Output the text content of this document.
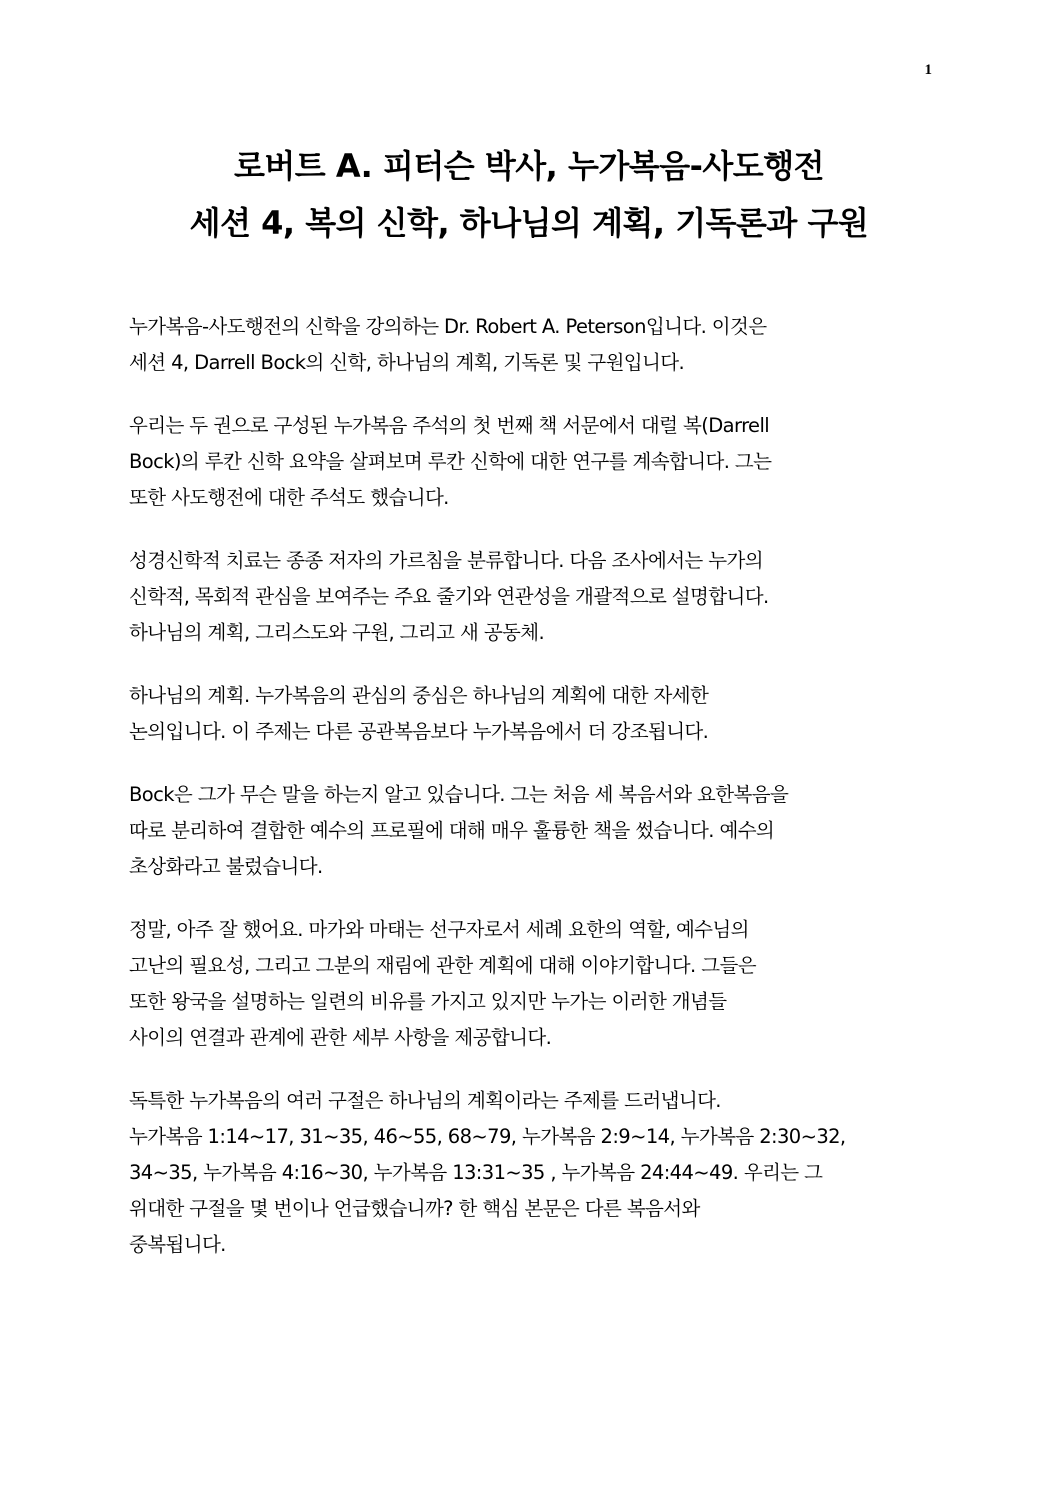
1
로버트 A. 피터슨 박사, 누가복음-사도행전
세션 4, 복의 신학, 하나님의 계획, 기독론과 구원
누가복음-사도행전의 신학을 강의하는 Dr. Robert A. Peterson입니다. 이것은
세션 4, Darrell Bock의 신학, 하나님의 계획, 기독론 및 구원입니다.
우리는 두 권으로 구성된 누가복음 주석의 첫 번째 책 서문에서 대럴 복(Darrell
Bock)의 루칸 신학 요약을 살펴보며 루칸 신학에 대한 연구를 계속합니다. 그는
또한 사도행전에 대한 주석도 했습니다.
성경신학적 치료는 종종 저자의 가르침을 분류합니다. 다음 조사에서는 누가의
신학적, 목회적 관심을 보여주는 주요 줄기와 연관성을 개괄적으로 설명합니다.
하나님의 계획, 그리스도와 구원, 그리고 새 공동체.
하나님의 계획. 누가복음의 관심의 중심은 하나님의 계획에 대한 자세한
논의입니다. 이 주제는 다른 공관복음보다 누가복음에서 더 강조됩니다.
Bock은 그가 무슨 말을 하는지 알고 있습니다. 그는 처음 세 복음서와 요한복음을
따로 분리하여 결합한 예수의 프로필에 대해 매우 훌륭한 책을 썼습니다. 예수의
초상화라고 불렀습니다.
정말, 아주 잘 했어요. 마가와 마태는 선구자로서 세례 요한의 역할, 예수님의
고난의 필요성, 그리고 그분의 재림에 관한 계획에 대해 이야기합니다. 그들은
또한 왕국을 설명하는 일련의 비유를 가지고 있지만 누가는 이러한 개념들
사이의 연결과 관계에 관한 세부 사항을 제공합니다.
독특한 누가복음의 여러 구절은 하나님의 계획이라는 주제를 드러냅니다.
누가복음 1:14~17, 31~35, 46~55, 68~79, 누가복음 2:9~14, 누가복음 2:30~32,
34~35, 누가복음 4:16~30, 누가복음 13:31~35 , 누가복음 24:44~49. 우리는 그
위대한 구절을 몇 번이나 언급했습니까? 한 핵심 본문은 다른 복음서와
중복됩니다.
